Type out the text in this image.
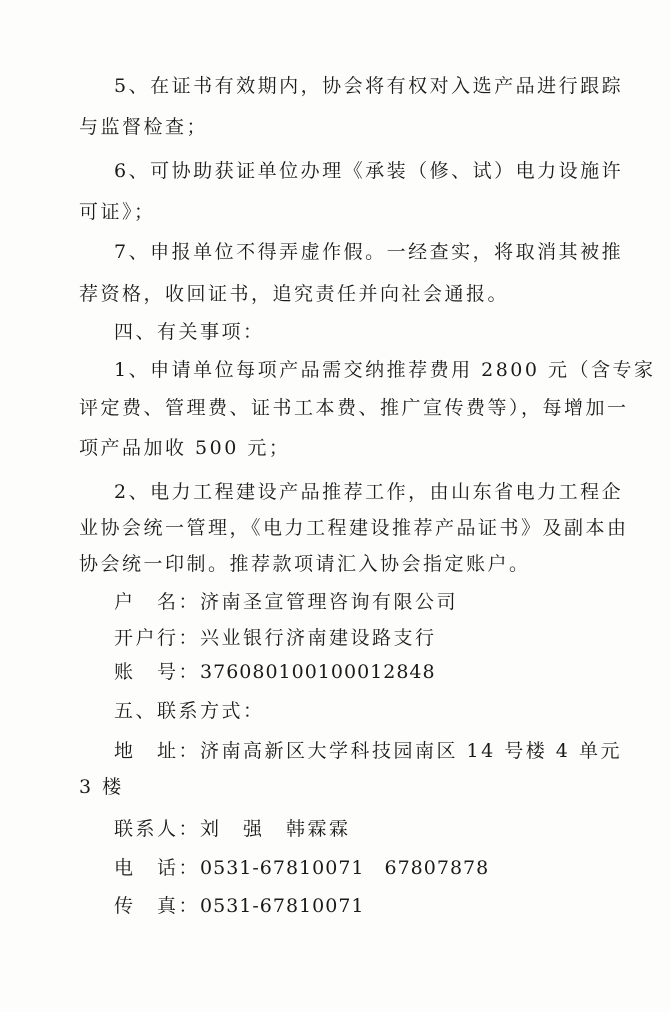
5、在证书有效期内，协会将有权对入选产品进行跟踪
与监督检查；
6、可协助获证单位办理《承装（修、试）电力设施许
可证》；
7、申报单位不得弄虚作假。一经查实，将取消其被推
荐资格，收回证书，追究责任并向社会通报。
四、有关事项：
1、申请单位每项产品需交纳推荐费用 2800 元（含专家
评定费、管理费、证书工本费、推广宣传费等），每增加一
项产品加收 500 元；
2、电力工程建设产品推荐工作，由山东省电力工程企
业协会统一管理，《电力工程建设推荐产品证书》及副本由
协会统一印制。推荐款项请汇入协会指定账户。
户　名：济南圣宣管理咨询有限公司
开户行：兴业银行济南建设路支行
账　号：376080100100012848
五、联系方式：
地　址：济南高新区大学科技园南区 14 号楼 4 单元
3 楼
联系人：刘　强　韩霖霖
电　话：0531-67810071　67807878
传　真：0531-67810071
